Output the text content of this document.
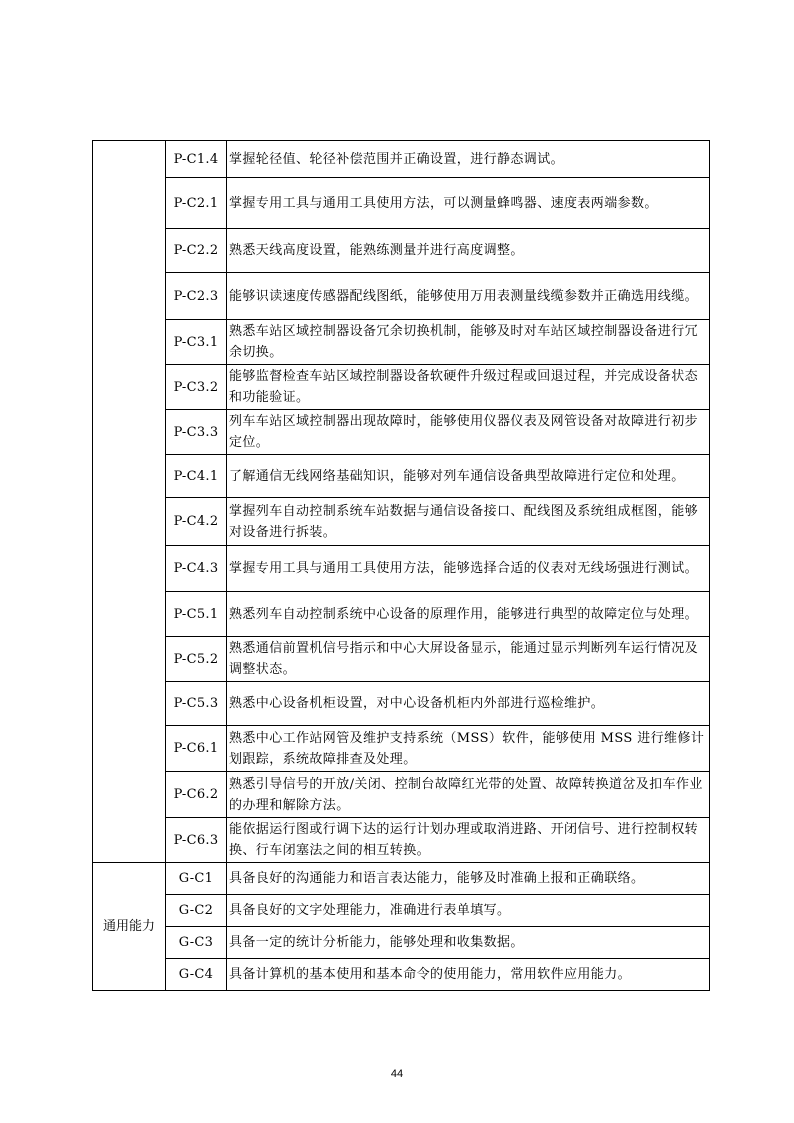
	P-C1.4	掌握轮径值、轮径补偿范围并正确设置，进行静态调试。
	P-C2.1	掌握专用工具与通用工具使用方法，可以测量蜂鸣器、速度表两端参数。
	P-C2.2	熟悉天线高度设置，能熟练测量并进行高度调整。
	P-C2.3	能够识读速度传感器配线图纸，能够使用万用表测量线缆参数并正确选用线缆。
	P-C3.1	熟悉车站区域控制器设备冗余切换机制，能够及时对车站区域控制器设备进行冗余切换。
	P-C3.2	能够监督检查车站区域控制器设备软硬件升级过程或回退过程，并完成设备状态和功能验证。
	P-C3.3	列车车站区域控制器出现故障时，能够使用仪器仪表及网管设备对故障进行初步定位。
	P-C4.1	了解通信无线网络基础知识，能够对列车通信设备典型故障进行定位和处理。
	P-C4.2	掌握列车自动控制系统车站数据与通信设备接口、配线图及系统组成框图，能够对设备进行拆装。
	P-C4.3	掌握专用工具与通用工具使用方法，能够选择合适的仪表对无线场强进行测试。
	P-C5.1	熟悉列车自动控制系统中心设备的原理作用，能够进行典型的故障定位与处理。
	P-C5.2	熟悉通信前置机信号指示和中心大屏设备显示，能通过显示判断列车运行情况及调整状态。
	P-C5.3	熟悉中心设备机柜设置，对中心设备机柜内外部进行巡检维护。
	P-C6.1	熟悉中心工作站网管及维护支持系统（MSS）软件，能够使用 MSS 进行维修计划跟踪，系统故障排查及处理。
	P-C6.2	熟悉引导信号的开放/关闭、控制台故障红光带的处置、故障转换道岔及扣车作业的办理和解除方法。
	P-C6.3	能依据运行图或行调下达的运行计划办理或取消进路、开闭信号、进行控制权转换、行车闭塞法之间的相互转换。
通用能力	G-C1	具备良好的沟通能力和语言表达能力，能够及时准确上报和正确联络。
	G-C2	具备良好的文字处理能力，准确进行表单填写。
	G-C3	具备一定的统计分析能力，能够处理和收集数据。
	G-C4	具备计算机的基本使用和基本命令的使用能力，常用软件应用能力。
44
